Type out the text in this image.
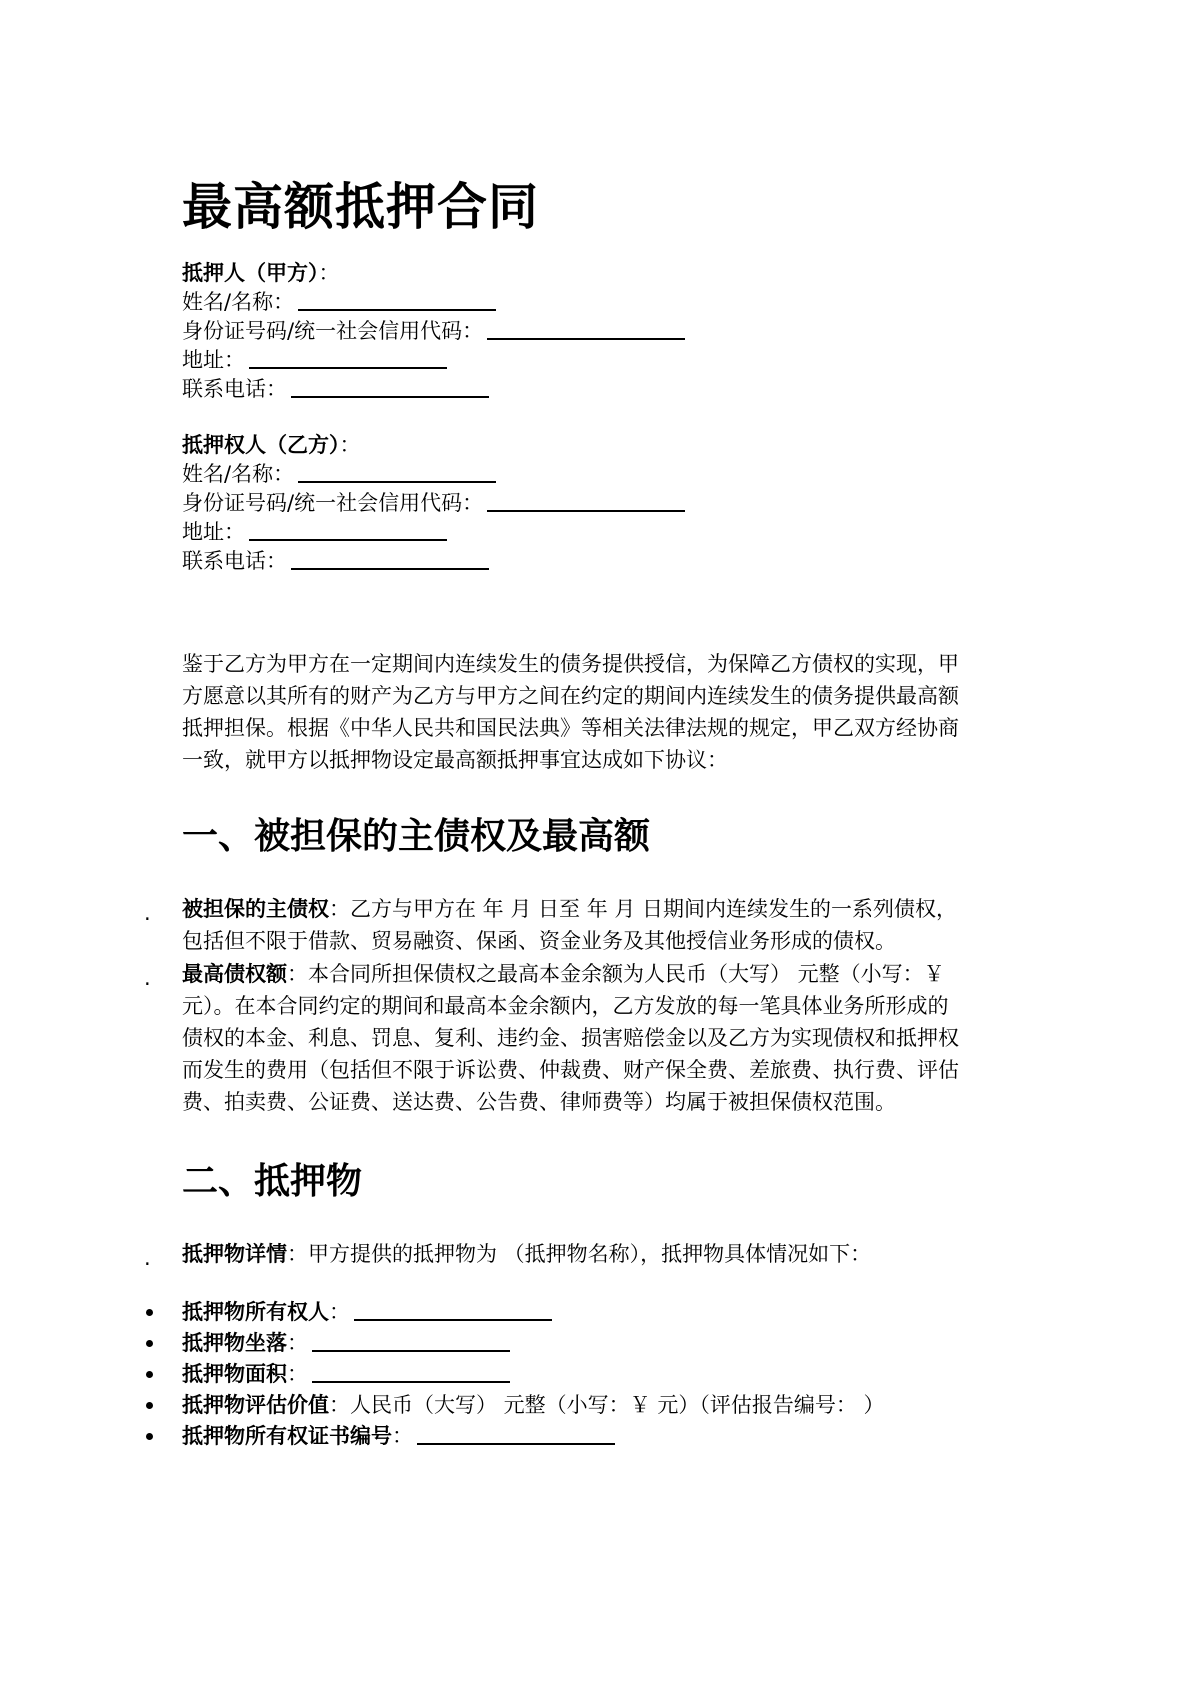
最高额抵押合同
抵押人（甲方）：
姓名/名称：
身份证号码/统一社会信用代码：
地址：
联系电话：
抵押权人（乙方）：
姓名/名称：
身份证号码/统一社会信用代码：
地址：
联系电话：
鉴于乙方为甲方在一定期间内连续发生的债务提供授信，为保障乙方债权的实现，甲
方愿意以其所有的财产为乙方与甲方之间在约定的期间内连续发生的债务提供最高额
抵押担保。根据《中华人民共和国民法典》等相关法律法规的规定，甲乙双方经协商
一致，就甲方以抵押物设定最高额抵押事宜达成如下协议：
一、被担保的主债权及最高额
. 被担保的主债权：乙方与甲方在 年 月 日至 年 月 日期间内连续发生的一系列债权，
包括但不限于借款、贸易融资、保函、资金业务及其他授信业务形成的债权。
. 最高债权额：本合同所担保债权之最高本金余额为人民币（大写） 元整（小写：￥
元）。在本合同约定的期间和最高本金余额内，乙方发放的每一笔具体业务所形成的
债权的本金、利息、罚息、复利、违约金、损害赔偿金以及乙方为实现债权和抵押权
而发生的费用（包括但不限于诉讼费、仲裁费、财产保全费、差旅费、执行费、评估
费、拍卖费、公证费、送达费、公告费、律师费等）均属于被担保债权范围。
二、抵押物
. 抵押物详情：甲方提供的抵押物为 （抵押物名称），抵押物具体情况如下：
抵押物所有权人：
抵押物坐落：
抵押物面积：
抵押物评估价值：人民币（大写） 元整（小写：￥ 元）（评估报告编号： ）
抵押物所有权证书编号：
